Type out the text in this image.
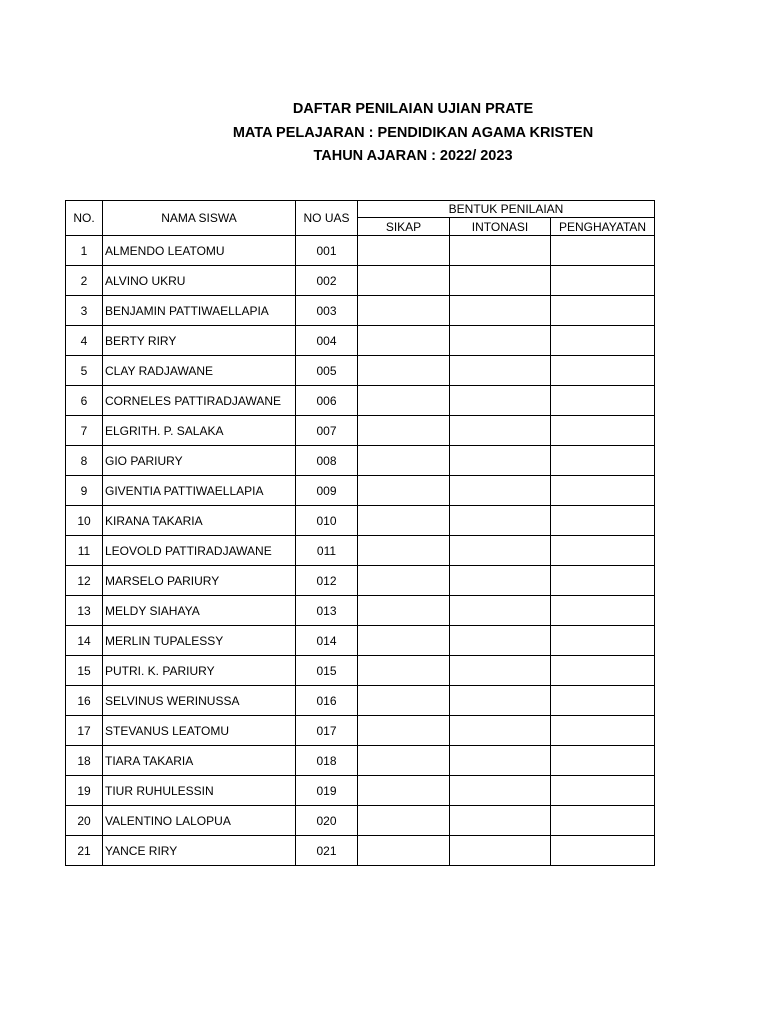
DAFTAR PENILAIAN UJIAN PRATE
MATA PELAJARAN : PENDIDIKAN AGAMA KRISTEN
TAHUN AJARAN : 2022/ 2023
NO.	NAMA SISWA	NO UAS	BENTUK PENILAIAN		
			SIKAP	INTONASI	PENGHAYATAN
1	ALMENDO LEATOMU	001			
2	ALVINO UKRU	002			
3	BENJAMIN PATTIWAELLAPIA	003			
4	BERTY RIRY	004			
5	CLAY RADJAWANE	005			
6	CORNELES PATTIRADJAWANE	006			
7	ELGRITH. P. SALAKA	007			
8	GIO PARIURY	008			
9	GIVENTIA PATTIWAELLAPIA	009			
10	KIRANA TAKARIA	010			
11	LEOVOLD PATTIRADJAWANE	011			
12	MARSELO PARIURY	012			
13	MELDY SIAHAYA	013			
14	MERLIN TUPALESSY	014			
15	PUTRI. K. PARIURY	015			
16	SELVINUS WERINUSSA	016			
17	STEVANUS LEATOMU	017			
18	TIARA TAKARIA	018			
19	TIUR RUHULESSIN	019			
20	VALENTINO LALOPUA	020			
21	YANCE RIRY	021			
